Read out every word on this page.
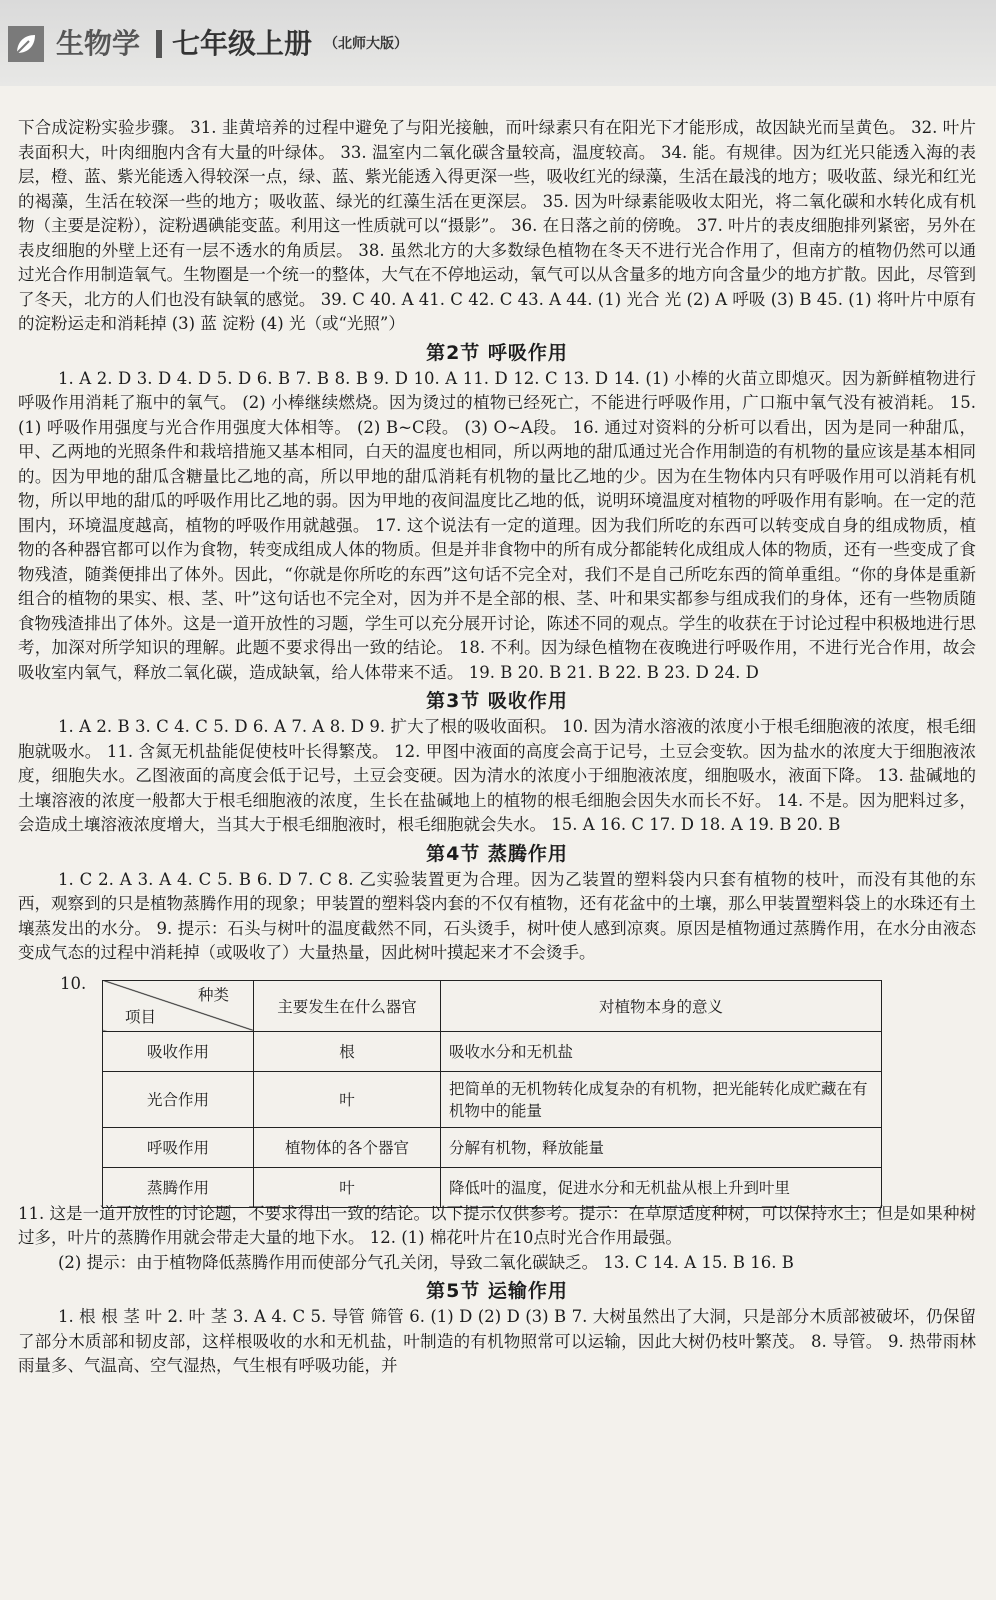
生物学 七年级上册 （北师大版）

下合成淀粉实验步骤。 31. 韭黄培养的过程中避免了与阳光接触，而叶绿素只有在阳光下才能形成，故因缺光而呈黄色。 32. 叶片表面积大，叶肉细胞内含有大量的叶绿体。 33. 温室内二氧化碳含量较高，温度较高。 34. 能。有规律。因为红光只能透入海的表层，橙、蓝、紫光能透入得较深一点，绿、蓝、紫光能透入得更深一些，吸收红光的绿藻，生活在最浅的地方；吸收蓝、绿光和红光的褐藻，生活在较深一些的地方；吸收蓝、绿光的红藻生活在更深层。 35. 因为叶绿素能吸收太阳光，将二氧化碳和水转化成有机物（主要是淀粉），淀粉遇碘能变蓝。利用这一性质就可以“摄影”。 36. 在日落之前的傍晚。 37. 叶片的表皮细胞排列紧密，另外在表皮细胞的外壁上还有一层不透水的角质层。 38. 虽然北方的大多数绿色植物在冬天不进行光合作用了，但南方的植物仍然可以通过光合作用制造氧气。生物圈是一个统一的整体，大气在不停地运动，氧气可以从含量多的地方向含量少的地方扩散。因此，尽管到了冬天，北方的人们也没有缺氧的感觉。 39. C 40. A 41. C 42. C 43. A 44. (1) 光合 光 (2) A 呼吸 (3) B 45. (1) 将叶片中原有的淀粉运走和消耗掉 (3) 蓝 淀粉 (4) 光（或“光照”）

第2节 呼吸作用

1. A 2. D 3. D 4. D 5. D 6. B 7. B 8. B 9. D 10. A 11. D 12. C 13. D 14. (1) 小棒的火苗立即熄灭。因为新鲜植物进行呼吸作用消耗了瓶中的氧气。 (2) 小棒继续燃烧。因为烫过的植物已经死亡，不能进行呼吸作用，广口瓶中氧气没有被消耗。 15. (1) 呼吸作用强度与光合作用强度大体相等。 (2) B~C段。 (3) O~A段。 16. 通过对资料的分析可以看出，因为是同一种甜瓜，甲、乙两地的光照条件和栽培措施又基本相同，白天的温度也相同，所以两地的甜瓜通过光合作用制造的有机物的量应该是基本相同的。因为甲地的甜瓜含糖量比乙地的高，所以甲地的甜瓜消耗有机物的量比乙地的少。因为在生物体内只有呼吸作用可以消耗有机物，所以甲地的甜瓜的呼吸作用比乙地的弱。因为甲地的夜间温度比乙地的低，说明环境温度对植物的呼吸作用有影响。在一定的范围内，环境温度越高，植物的呼吸作用就越强。 17. 这个说法有一定的道理。因为我们所吃的东西可以转变成自身的组成物质，植物的各种器官都可以作为食物，转变成组成人体的物质。但是并非食物中的所有成分都能转化成组成人体的物质，还有一些变成了食物残渣，随粪便排出了体外。因此，“你就是你所吃的东西”这句话不完全对，我们不是自己所吃东西的简单重组。“你的身体是重新组合的植物的果实、根、茎、叶”这句话也不完全对，因为并不是全部的根、茎、叶和果实都参与组成我们的身体，还有一些物质随食物残渣排出了体外。这是一道开放性的习题，学生可以充分展开讨论，陈述不同的观点。学生的收获在于讨论过程中积极地进行思考，加深对所学知识的理解。此题不要求得出一致的结论。 18. 不利。因为绿色植物在夜晚进行呼吸作用，不进行光合作用，故会吸收室内氧气，释放二氧化碳，造成缺氧，给人体带来不适。 19. B 20. B 21. B 22. B 23. D 24. D

第3节 吸收作用

1. A 2. B 3. C 4. C 5. D 6. A 7. A 8. D 9. 扩大了根的吸收面积。 10. 因为清水溶液的浓度小于根毛细胞液的浓度，根毛细胞就吸水。 11. 含氮无机盐能促使枝叶长得繁茂。 12. 甲图中液面的高度会高于记号，土豆会变软。因为盐水的浓度大于细胞液浓度，细胞失水。乙图液面的高度会低于记号，土豆会变硬。因为清水的浓度小于细胞液浓度，细胞吸水，液面下降。 13. 盐碱地的土壤溶液的浓度一般都大于根毛细胞液的浓度，生长在盐碱地上的植物的根毛细胞会因失水而长不好。 14. 不是。因为肥料过多，会造成土壤溶液浓度增大，当其大于根毛细胞液时，根毛细胞就会失水。 15. A 16. C 17. D 18. A 19. B 20. B

第4节 蒸腾作用

1. C 2. A 3. A 4. C 5. B 6. D 7. C 8. 乙实验装置更为合理。因为乙装置的塑料袋内只套有植物的枝叶，而没有其他的东西，观察到的只是植物蒸腾作用的现象；甲装置的塑料袋内套的不仅有植物，还有花盆中的土壤，那么甲装置塑料袋上的水珠还有土壤蒸发出的水分。 9. 提示：石头与树叶的温度截然不同，石头烫手，树叶使人感到凉爽。原因是植物通过蒸腾作用，在水分由液态变成气态的过程中消耗掉（或吸收了）大量热量，因此树叶摸起来才不会烫手。

10.
种类
项目	主要发生在什么器官	对植物本身的意义
吸收作用	根	吸收水分和无机盐
光合作用	叶	把简单的无机物转化成复杂的有机物，把光能转化成贮藏在有机物中的能量
呼吸作用	植物体的各个器官	分解有机物，释放能量
蒸腾作用	叶	降低叶的温度，促进水分和无机盐从根上升到叶里

11. 这是一道开放性的讨论题，不要求得出一致的结论。以下提示仅供参考。提示：在草原适度种树，可以保持水土；但是如果种树过多，叶片的蒸腾作用就会带走大量的地下水。 12. (1) 棉花叶片在10点时光合作用最强。

(2) 提示：由于植物降低蒸腾作用而使部分气孔关闭，导致二氧化碳缺乏。 13. C 14. A 15. B 16. B

第5节 运输作用

1. 根 根 茎 叶 2. 叶 茎 3. A 4. C 5. 导管 筛管 6. (1) D (2) D (3) B 7. 大树虽然出了大洞，只是部分木质部被破坏，仍保留了部分木质部和韧皮部，这样根吸收的水和无机盐，叶制造的有机物照常可以运输，因此大树仍枝叶繁茂。 8. 导管。 9. 热带雨林雨量多、气温高、空气湿热，气生根有呼吸功能，并
